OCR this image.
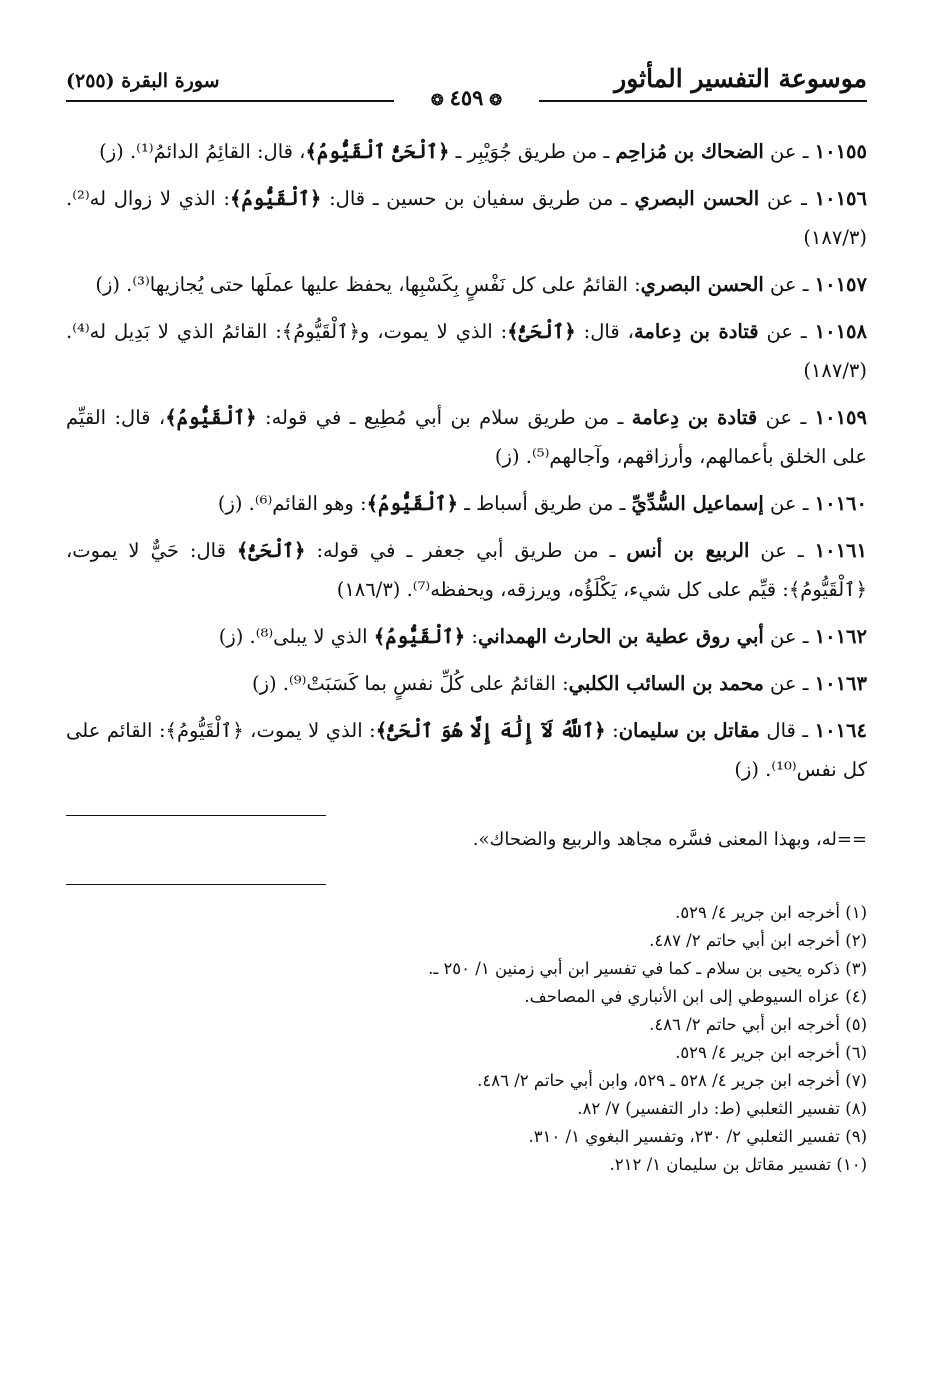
موسوعة التفسير المأثور
❂٤٥٩❂
سورة البقرة (٢٥٥)

١٠١٥٥ ـ عن الضحاك بن مُزاحِم ـ من طريق جُوَيْبِر ـ ﴿ٱلْحَىُّ ٱلْقَيُّومُ﴾، قال: القائِمُ الدائمُ⁽¹⁾. (ز)

١٠١٥٦ ـ عن الحسن البصري ـ من طريق سفيان بن حسين ـ قال: ﴿ٱلْقَيُّومُ﴾: الذي لا زوال له⁽²⁾. (١٨٧/٣)

١٠١٥٧ ـ عن الحسن البصري: القائمُ على كل نَفْسٍ بِكَسْبِها، يحفظ عليها عملَها حتى يُجازيها⁽³⁾. (ز)

١٠١٥٨ ـ عن قتادة بن دِعامة، قال: ﴿ٱلْحَىُّ﴾: الذي لا يموت، و﴿ٱلْقَيُّومُ﴾: القائمُ الذي لا بَدِيل له⁽⁴⁾. (١٨٧/٣)

١٠١٥٩ ـ عن قتادة بن دِعامة ـ من طريق سلام بن أبي مُطِيع ـ في قوله: ﴿ٱلْقَيُّومُ﴾، قال: القيِّم على الخلق بأعمالهم، وأرزاقهم، وآجالهم⁽⁵⁾. (ز)

١٠١٦٠ ـ عن إسماعيل السُّدِّيِّ ـ من طريق أسباط ـ ﴿ٱلْقَيُّومُ﴾: وهو القائم⁽⁶⁾. (ز)

١٠١٦١ ـ عن الربيع بن أنس ـ من طريق أبي جعفر ـ في قوله: ﴿ٱلْحَىُّ﴾ قال: حَيٌّ لا يموت، ﴿ٱلْقَيُّومُ﴾: قيِّم على كل شيء، يَكْلَؤُه، ويرزقه، ويحفظه⁽⁷⁾. (١٨٦/٣)

١٠١٦٢ ـ عن أبي روق عطية بن الحارث الهمداني: ﴿ٱلْقَيُّومُ﴾ الذي لا يبلى⁽⁸⁾. (ز)

١٠١٦٣ ـ عن محمد بن السائب الكلبي: القائمُ على كُلِّ نفسٍ بما كَسَبَتْ⁽⁹⁾. (ز)

١٠١٦٤ ـ قال مقاتل بن سليمان: ﴿ٱللَّهُ لَآ إِلَٰهَ إِلَّا هُوَ ٱلْحَىُّ﴾: الذي لا يموت، ﴿ٱلْقَيُّومُ﴾: القائم على كل نفس⁽¹⁰⁾. (ز)

==له، وبهذا المعنى فسَّره مجاهد والربيع والضحاك».

(١) أخرجه ابن جرير ٤/ ٥٢٩.
(٢) أخرجه ابن أبي حاتم ٢/ ٤٨٧.
(٣) ذكره يحيى بن سلام ـ كما في تفسير ابن أبي زمنين ١/ ٢٥٠ ـ.
(٤) عزاه السيوطي إلى ابن الأنباري في المصاحف.
(٥) أخرجه ابن أبي حاتم ٢/ ٤٨٦.
(٦) أخرجه ابن جرير ٤/ ٥٢٩.
(٧) أخرجه ابن جرير ٤/ ٥٢٨ ـ ٥٢٩، وابن أبي حاتم ٢/ ٤٨٦.
(٨) تفسير الثعلبي (ط: دار التفسير) ٧/ ٨٢.
(٩) تفسير الثعلبي ٢/ ٢٣٠، وتفسير البغوي ١/ ٣١٠.
(١٠) تفسير مقاتل بن سليمان ١/ ٢١٢.
